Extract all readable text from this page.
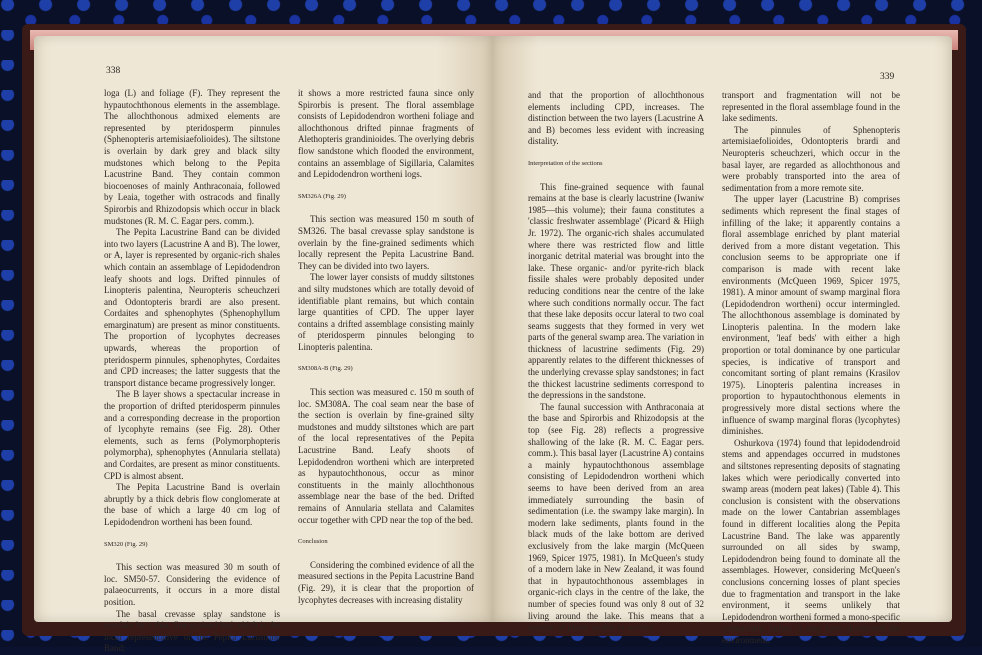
338

loga (L) and foliage (F). They represent the hypautochthonous elements in the assemblage. The allochthonous admixed elements are represented by pteridosperm pinnules (Sphenopteris artemisiaefolioides). The siltstone is overlain by dark grey and black silty mudstones which belong to the Pepita Lacustrine Band. They contain common biocoenoses of mainly Anthraconaia, followed by Leaia, together with ostracods and finally Spirorbis and Rhizodopsis which occur in black mudstones (R. M. C. Eagar pers. comm.).

The Pepita Lacustrine Band can be divided into two layers (Lacustrine A and B). The lower, or A, layer is represented by organic-rich shales which contain an assemblage of Lepidodendron leafy shoots and logs. Drifted pinnules of Linopteris palentina, Neuropteris scheuchzeri and Odontopteris brardi are also present. Cordaites and sphenophytes (Sphenophyllum emarginatum) are present as minor constituents. The proportion of lycophytes decreases upwards, whereas the proportion of pteridosperm pinnules, sphenophytes, Cordaites and CPD increases; the latter suggests that the transport distance became progressively longer.

The B layer shows a spectacular increase in the proportion of drifted pteridosperm pinnules and a corresponding decrease in the proportion of lycophyte remains (see Fig. 28). Other elements, such as ferns (Polymorphopteris polymorpha), sphenophytes (Annularia stellata) and Cordaites, are present as minor constituents. CPD is almost absent.

The Pepita Lacustrine Band is overlain abruptly by a thick debris flow conglomerate at the base of which a large 40 cm log of Lepidodendron wortheni has been found.

SM320 (Fig. 29)

This section was measured 30 m south of loc. SM50-57. Considering the evidence of palaeocurrents, it occurs in a more distal position.

The basal crevasse splay sandstone is overlain by a thin, fine-grained bed which is the local representative of the Pepita Lacustrine Band;

it shows a more restricted fauna since only Spirorbis is present. The floral assemblage consists of Lepidodendron wortheni foliage and allochthonous drifted pinnae fragments of Alethopteris grandinioides. The overlying debris flow sandstone which flooded the environment, contains an assemblage of Sigillaria, Calamites and Lepidodendron wortheni logs.

SM326A (Fig. 29)

This section was measured 150 m south of SM326. The basal crevasse splay sandstone is overlain by the fine-grained sediments which locally represent the Pepita Lacustrine Band. They can be divided into two layers.

The lower layer consists of muddy siltstones and silty mudstones which are totally devoid of identifiable plant remains, but which contain large quantities of CPD. The upper layer contains a drifted assemblage consisting mainly of pteridosperm pinnules belonging to Linopteris palentina.

SM308A-B (Fig. 29)

This section was measured c. 150 m south of loc. SM308A. The coal seam near the base of the section is overlain by fine-grained silty mudstones and muddy siltstones which are part of the local representatives of the Pepita Lacustrine Band. Leafy shoots of Lepidodendron wortheni which are interpreted as hypautochthonous, occur as minor constituents in the mainly allochthonous assemblage near the base of the bed. Drifted remains of Annularia stellata and Calamites occur together with CPD near the top of the bed.

Conclusion

Considering the combined evidence of all the measured sections in the Pepita Lacustrine Band (Fig. 29), it is clear that the proportion of lycophytes decreases with increasing distality

339

and that the proportion of allochthonous elements including CPD, increases. The distinction between the two layers (Lacustrine A and B) becomes less evident with increasing distality.

Interpretation of the sections

This fine-grained sequence with faunal remains at the base is clearly lacustrine (Iwaniw 1985—this volume); their fauna constitutes a 'classic freshwater assemblage' (Picard & Hiigh Jr. 1972). The organic-rich shales accumulated where there was restricted flow and little inorganic detrital material was brought into the lake. These organic- and/or pyrite-rich black fissile shales were probably deposited under reducing conditions near the centre of the lake where such conditions normally occur. The fact that these lake deposits occur lateral to two coal seams suggests that they formed in very wet parts of the general swamp area. The variation in thickness of lacustrine sediments (Fig. 29) apparently relates to the different thicknesses of the underlying crevasse splay sandstones; in fact the thickest lacustrine sediments correspond to the depressions in the sandstone.

The faunal succession with Anthraconaia at the base and Spirorbis and Rhizodopsis at the top (see Fig. 28) reflects a progressive shallowing of the lake (R. M. C. Eagar pers. comm.). This basal layer (Lacustrine A) contains a mainly hypautochthonous assemblage consisting of Lepidodendron wortheni which seems to have been derived from an area immediately surrounding the basin of sedimentation (i.e. the swampy lake margin). In modern lake sediments, plants found in the black muds of the lake bottom are derived exclusively from the lake margin (McQueen 1969, Spicer 1975, 1981). In McQueen's study of a modern lake in New Zealand, it was found that in hypautochthonous assemblages in organic-rich clays in the centre of the lake, the number of species found was only 8 out of 32 living around the lake. This means that a number of plants unable to survive

transport and fragmentation will not be represented in the floral assemblage found in the lake sediments.

The pinnules of Sphenopteris artemisiaefolioides, Odontopteris brardi and Neuropteris scheuchzeri, which occur in the basal layer, are regarded as allochthonous and were probably transported into the area of sedimentation from a more remote site.

The upper layer (Lacustrine B) comprises sediments which represent the final stages of infilling of the lake; it apparently contains a floral assemblage enriched by plant material derived from a more distant vegetation. This conclusion seems to be appropriate one if comparison is made with recent lake environments (McQueen 1969, Spicer 1975, 1981). A minor amount of swamp marginal flora (Lepidodendron wortheni) occur intermingled. The allochthonous assemblage is dominated by Linopteris palentina. In the modern lake environment, 'leaf beds' with either a high proportion or total dominance by one particular species, is indicative of transport and concomitant sorting of plant remains (Krasilov 1975). Linopteris palentina increases in proportion to hypautochthonous elements in progressively more distal sections where the influence of swamp marginal floras (lycophytes) diminishes.

Oshurkova (1974) found that lepidodendroid stems and appendages occurred in mudstones and siltstones representing deposits of stagnating lakes which were periodically converted into swamp areas (modern peat lakes) (Table 4). This conclusion is consistent with the observations made on the lower Cantabrian assemblages found in different localities along the Pepita Lacustrine Band. The lake was apparently surrounded on all sides by swamp, Lepidodendron being found to dominate all the assemblages. However, considering McQueen's conclusions concerning losses of plant species due to fragmentation and transport in the lake environment, it seems unlikely that Lepidodendron wortheni formed a mono-specific community; rather, it may have dominated the environment.
